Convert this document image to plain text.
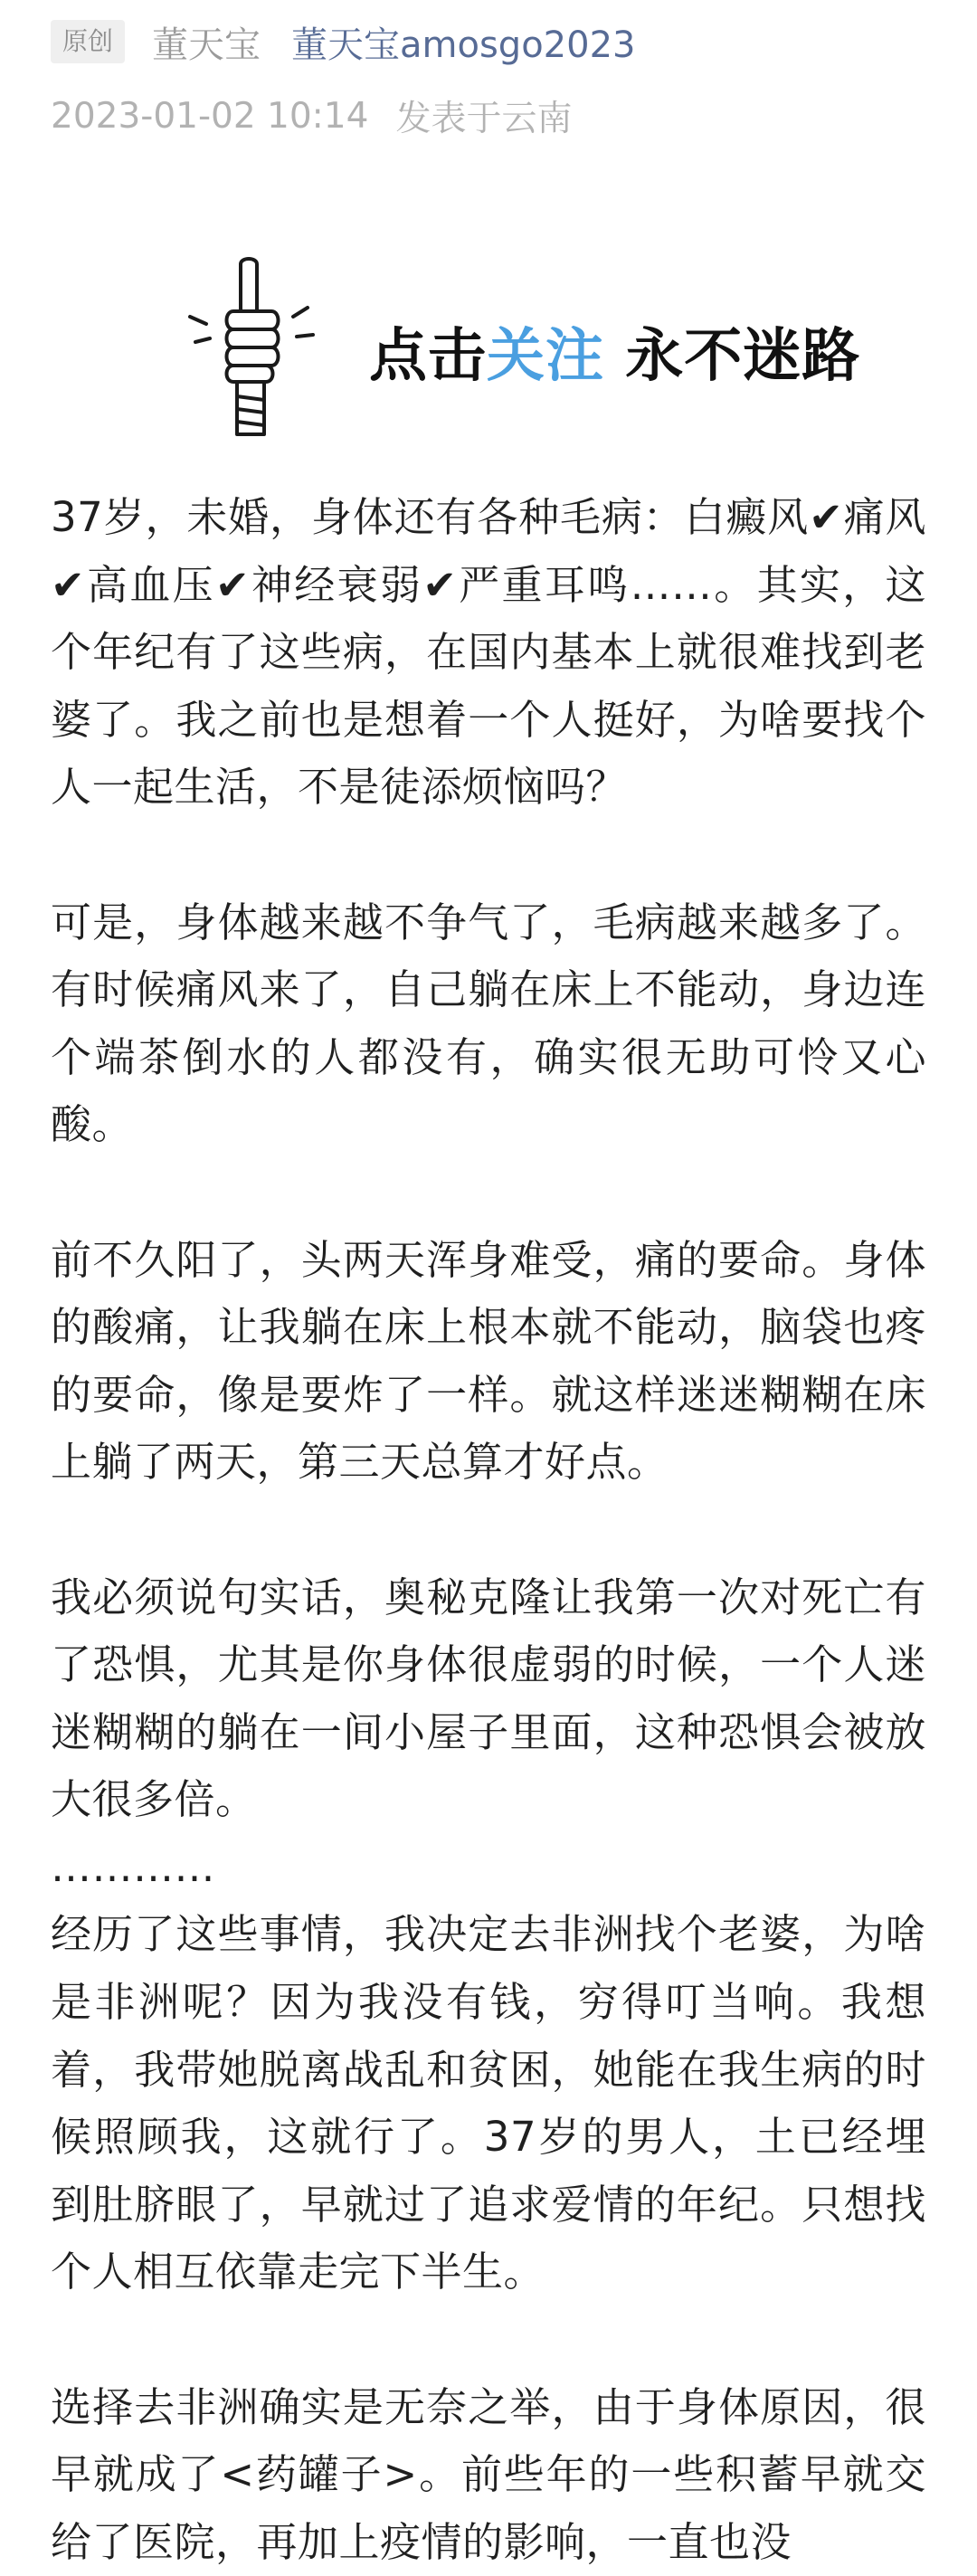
原创	董天宝 董天宝amosgo2023
2023-01-02 10:14 发表于云南
点击关注 永不迷路

37岁，未婚，身体还有各种毛病：白癜风✔痛风✔高血压✔神经衰弱✔严重耳鸣……。其实，这个年纪有了这些病，在国内基本上就很难找到老婆了。我之前也是想着一个人挺好，为啥要找个人一起生活，不是徒添烦恼吗？

可是，身体越来越不争气了，毛病越来越多了。有时候痛风来了，自己躺在床上不能动，身边连个端茶倒水的人都没有，确实很无助可怜又心酸。

前不久阳了，头两天浑身难受，痛的要命。身体的酸痛，让我躺在床上根本就不能动，脑袋也疼的要命，像是要炸了一样。就这样迷迷糊糊在床上躺了两天，第三天总算才好点。

我必须说句实话，奥秘克隆让我第一次对死亡有了恐惧，尤其是你身体很虚弱的时候，一个人迷迷糊糊的躺在一间小屋子里面，这种恐惧会被放大很多倍。

…………

经历了这些事情，我决定去非洲找个老婆，为啥是非洲呢？因为我没有钱，穷得叮当响。我想着，我带她脱离战乱和贫困，她能在我生病的时候照顾我，这就行了。37岁的男人，土已经埋到肚脐眼了，早就过了追求爱情的年纪。只想找个人相互依靠走完下半生。

选择去非洲确实是无奈之举，由于身体原因，很早就成了<药罐子>。前些年的一些积蓄早就交给了医院，再加上疫情的影响，一直也没
